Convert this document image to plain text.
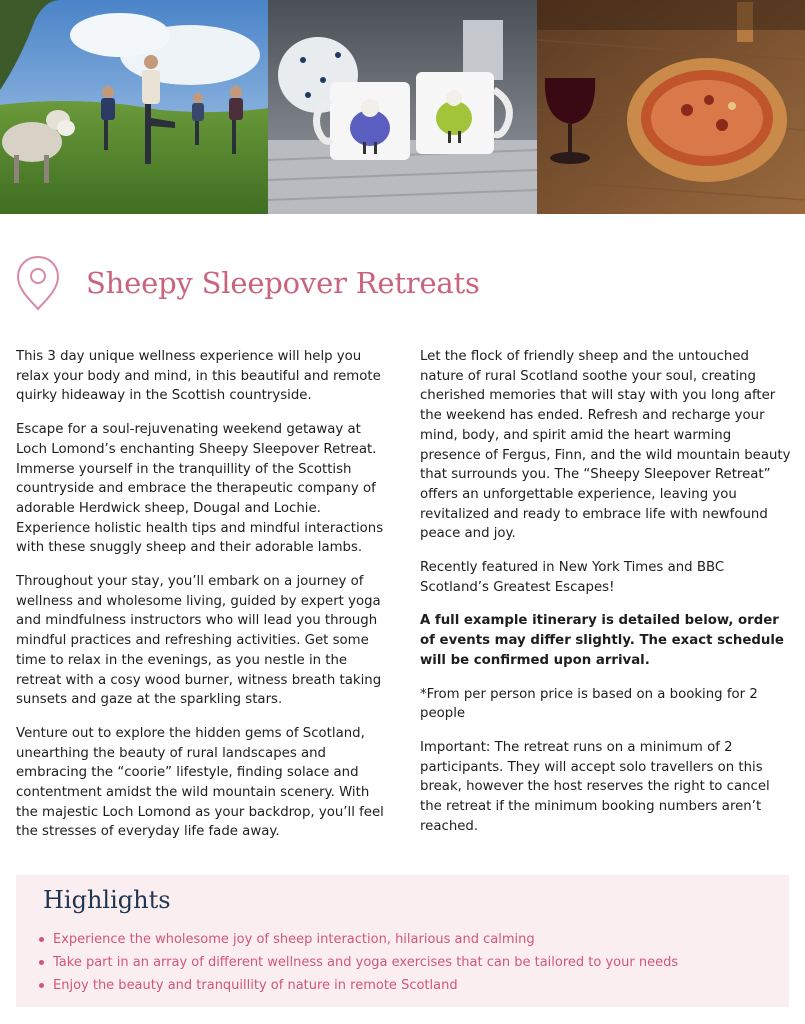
Sheepy Sleepover Retreats

This 3 day unique wellness experience will help you relax your body and mind, in this beautiful and remote quirky hideaway in the Scottish countryside.

Escape for a soul-rejuvenating weekend getaway at Loch Lomond’s enchanting Sheepy Sleepover Retreat. Immerse yourself in the tranquillity of the Scottish countryside and embrace the therapeutic company of adorable Herdwick sheep, Dougal and Lochie. Experience holistic health tips and mindful interactions with these snuggly sheep and their adorable lambs.

Throughout your stay, you’ll embark on a journey of wellness and wholesome living, guided by expert yoga and mindfulness instructors who will lead you through mindful practices and refreshing activities. Get some time to relax in the evenings, as you nestle in the retreat with a cosy wood burner, witness breath taking sunsets and gaze at the sparkling stars.

Venture out to explore the hidden gems of Scotland, unearthing the beauty of rural landscapes and embracing the “coorie” lifestyle, finding solace and contentment amidst the wild mountain scenery. With the majestic Loch Lomond as your backdrop, you’ll feel the stresses of everyday life fade away.

Let the flock of friendly sheep and the untouched nature of rural Scotland soothe your soul, creating cherished memories that will stay with you long after the weekend has ended. Refresh and recharge your mind, body, and spirit amid the heart warming presence of Fergus, Finn, and the wild mountain beauty that surrounds you. The “Sheepy Sleepover Retreat” offers an unforgettable experience, leaving you revitalized and ready to embrace life with newfound peace and joy.

Recently featured in New York Times and BBC Scotland’s Greatest Escapes!

A full example itinerary is detailed below, order of events may differ slightly. The exact schedule will be confirmed upon arrival.

*From per person price is based on a booking for 2 people

Important: The retreat runs on a minimum of 2 participants. They will accept solo travellers on this break, however the host reserves the right to cancel the retreat if the minimum booking numbers aren’t reached.

Highlights
Experience the wholesome joy of sheep interaction, hilarious and calming
Take part in an array of different wellness and yoga exercises that can be tailored to your needs
Enjoy the beauty and tranquillity of nature in remote Scotland
